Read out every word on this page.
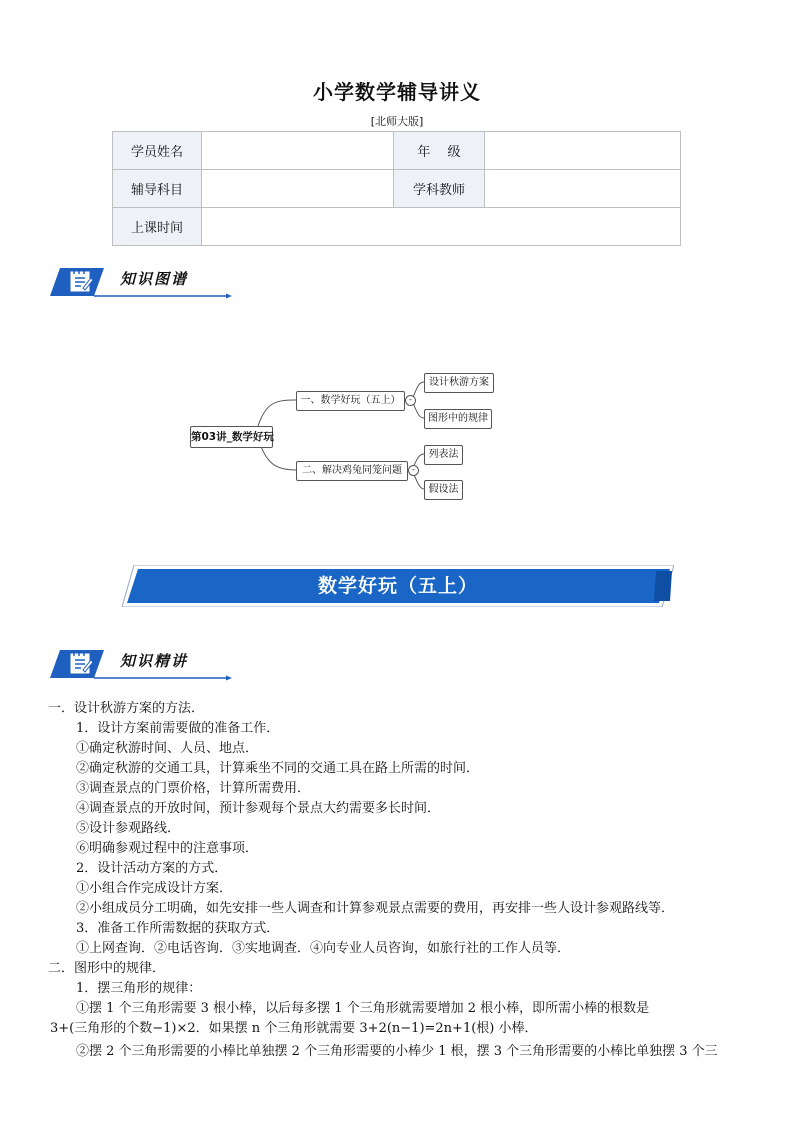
小学数学辅导讲义
[北师大版]
学员姓名		年　 级	
辅导科目		学科教师	
上课时间			
知识图谱
第03讲_数学好玩
一、数学好玩（五上）
二、解决鸡兔同笼问题
-
-
设计秋游方案
图形中的规律
列表法
假设法
数学好玩（五上）
知识精讲
一．设计秋游方案的方法．
1．设计方案前需要做的准备工作．
①确定秋游时间、人员、地点．
②确定秋游的交通工具，计算乘坐不同的交通工具在路上所需的时间．
③调查景点的门票价格，计算所需费用．
④调查景点的开放时间，预计参观每个景点大约需要多长时间．
⑤设计参观路线．
⑥明确参观过程中的注意事项．
2．设计活动方案的方式．
①小组合作完成设计方案．
②小组成员分工明确，如先安排一些人调查和计算参观景点需要的费用，再安排一些人设计参观路线等．
3．准备工作所需数据的获取方式．
①上网查询．②电话咨询．③实地调查．④向专业人员咨询，如旅行社的工作人员等．
二．图形中的规律．
1．摆三角形的规律：
①摆 1 个三角形需要 3 根小棒，以后每多摆 1 个三角形就需要增加 2 根小棒，即所需小棒的根数是
3+(三角形的个数−1)×2．如果摆 n 个三角形就需要 3+2(n−1)=2n+1(根) 小棒．
②摆 2 个三角形需要的小棒比单独摆 2 个三角形需要的小棒少 1 根，摆 3 个三角形需要的小棒比单独摆 3 个三
